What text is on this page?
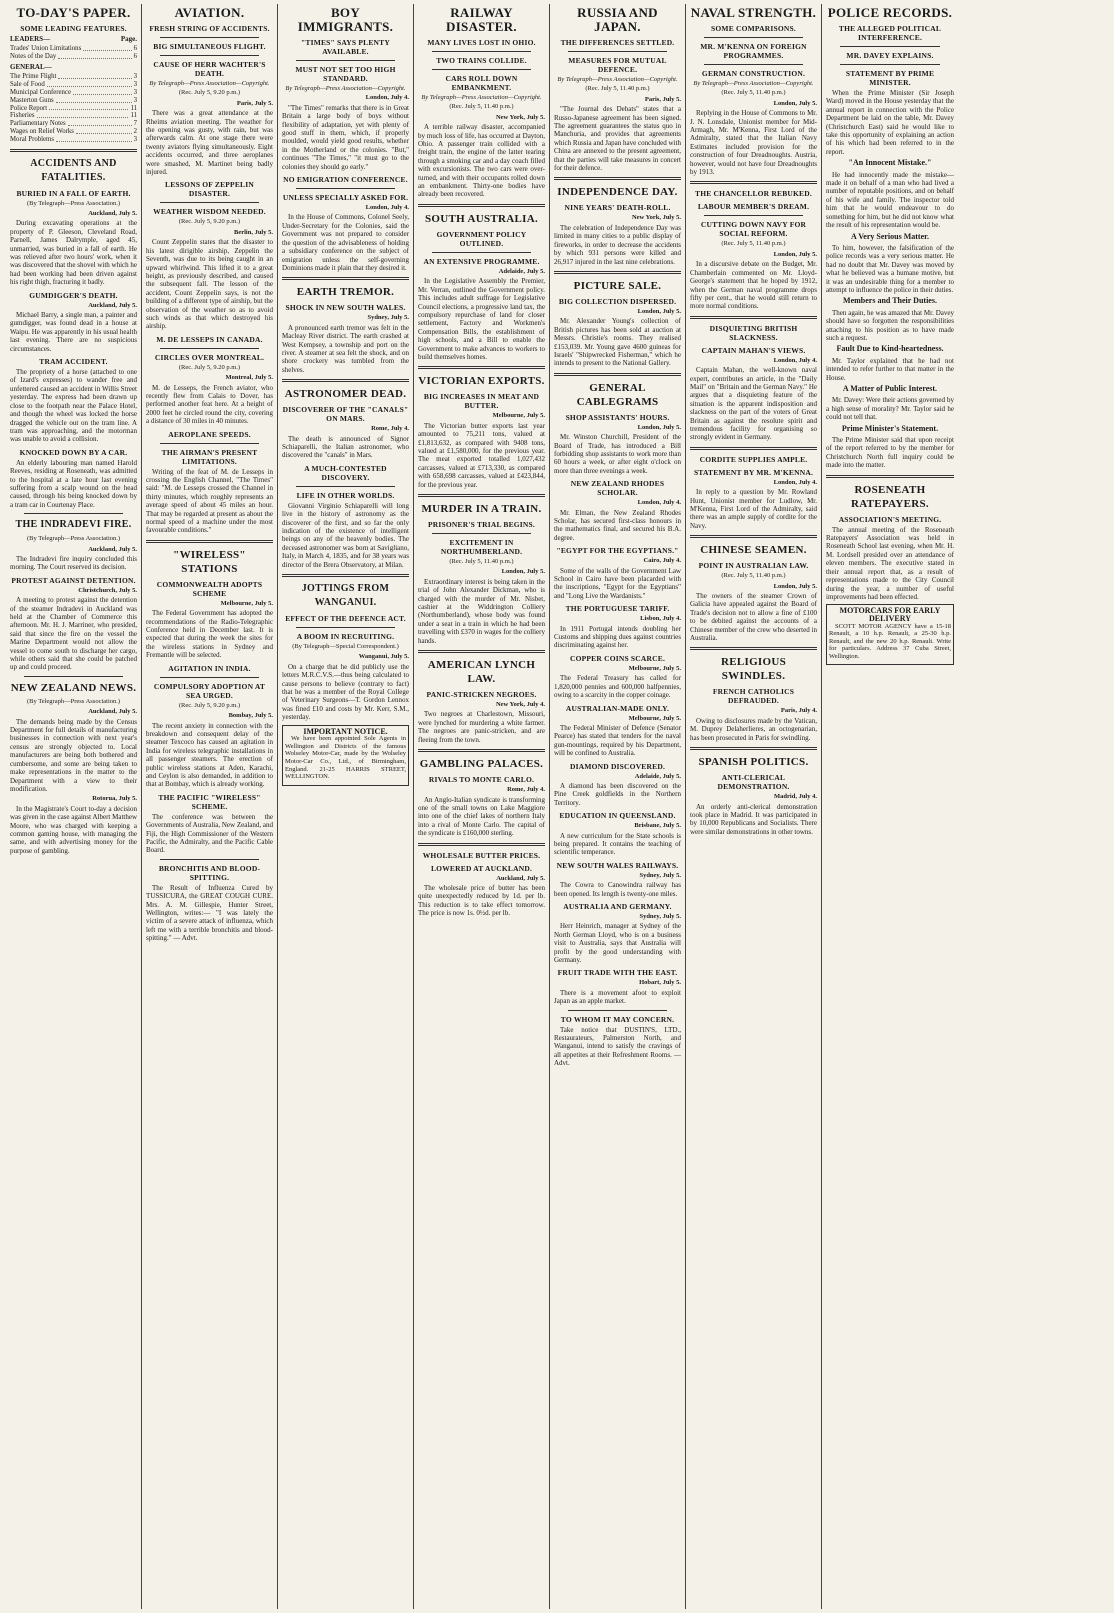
TO-DAY'S PAPER.
SOME LEADING FEATURES.
LEADERS—	Page.
Trades' Union Limitations	6
Notes of the Day	6
GENERAL—
The Prime Flight	3
Sale of Food	3
Municipal Conference	3
Masterton Guns	3
Police Report	11
Fisheries	11
Parliamentary Notes	7
Wages on Relief Works	2
Moral Problems	3
ACCIDENTS AND FATALITIES.
BURIED IN A FALL OF EARTH.
(By Telegraph—Press Association.)
Auckland, July 5.

During excavating operations at the property of P. Gleeson, Cleveland Road, Parnell, James Dalrymple, aged 45, unmarried, was buried in a fall of earth. He was relieved after two hours' work, when it was discovered that the shovel with which he had been working had been driven against his right thigh, fracturing it badly.

GUMDIGGER'S DEATH.
Auckland, July 5.

Michael Barry, a single man, a painter and gumdigger, was found dead in a house at Waipu. He was apparently in his usual health last evening. There are no suspicious circumstances.

TRAM ACCIDENT.

The propriety of a horse (attached to one of Izard's expresses) to wander free and unfettered caused an accident in Willis Street yesterday. The express had been drawn up close to the footpath near the Palace Hotel, and though the wheel was locked the horse dragged the vehicle out on the tram line. A tram was approaching, and the motorman was unable to avoid a collision.

KNOCKED DOWN BY A CAR.

An elderly labouring man named Harold Reeves, residing at Roseneath, was admitted to the hospital at a late hour last evening suffering from a scalp wound on the head caused, through his being knocked down by a tram car in Courtenay Place.

THE INDRADEVI FIRE.
(By Telegraph—Press Association.)
Auckland, July 5.

The Indradevi fire inquiry concluded this morning. The Court reserved its decision.

PROTEST AGAINST DETENTION.
Christchurch, July 5.

A meeting to protest against the detention of the steamer Indradevi in Auckland was held at the Chamber of Commerce this afternoon. Mr. H. J. Marriner, who presided, said that since the fire on the vessel the Marine Department would not allow the vessel to come south to discharge her cargo, while others said that she could be patched up and could proceed.

NEW ZEALAND NEWS.
(By Telegraph—Press Association.)
Auckland, July 5.

The demands being made by the Census Department for full details of manufacturing businesses in connection with next year's census are strongly objected to. Local manufacturers are being both bothered and cumbersome, and some are being taken to make representations in the matter to the Department with a view to their modification.

Rotorua, July 5.

In the Magistrate's Court to-day a decision was given in the case against Albert Matthew Moore, who was charged with keeping a common gaming house, with managing the same, and with advertising money for the purpose of gambling.

AVIATION.
FRESH STRING OF ACCIDENTS.
BIG SIMULTANEOUS FLIGHT.
CAUSE OF HERR WACHTER'S DEATH.
By Telegraph—Press Association—Copyright.
(Rec. July 5, 9.20 p.m.)
Paris, July 5.

There was a great attendance at the Rheims aviation meeting. The weather for the opening was gusty, with rain, but was afterwards calm. At one stage there were twenty aviators flying simultaneously. Eight accidents occurred, and three aeroplanes were smashed, M. Martinet being badly injured.

LESSONS OF ZEPPELIN DISASTER.
WEATHER WISDOM NEEDED.
(Rec. July 5, 9.20 p.m.)
Berlin, July 5.

Count Zeppelin states that the disaster to his latest dirigible airship, Zeppelin the Seventh, was due to its being caught in an upward whirlwind. This lifted it to a great height, as previously described, and caused the subsequent fall. The lesson of the accident, Count Zeppelin says, is not the building of a different type of airship, but the observation of the weather so as to avoid such winds as that which destroyed his airship.

M. DE LESSEPS IN CANADA.
CIRCLES OVER MONTREAL.
(Rec. July 5, 9.20 p.m.)
Montreal, July 5.

M. de Lesseps, the French aviator, who recently flew from Calais to Dover, has performed another feat here. At a height of 2000 feet he circled round the city, covering a distance of 30 miles in 40 minutes.

AEROPLANE SPEEDS.
THE AIRMAN'S PRESENT LIMITATIONS.

Writing of the feat of M. de Lesseps in crossing the English Channel, "The Times" said: "M. de Lesseps crossed the Channel in thirty minutes, which roughly represents an average speed of about 45 miles an hour. That may be regarded at present as about the normal speed of a machine under the most favourable conditions."

"WIRELESS" STATIONS
COMMONWEALTH ADOPTS SCHEME
Melbourne, July 5.

The Federal Government has adopted the recommendations of the Radio-Telegraphic Conference held in December last. It is expected that during the week the sites for the wireless stations in Sydney and Fremantle will be selected.

AGITATION IN INDIA.
COMPULSORY ADOPTION AT SEA URGED.
(Rec. July 5, 9.20 p.m.)
Bombay, July 5.

The recent anxiety in connection with the breakdown and consequent delay of the steamer Texcoco has caused an agitation in India for wireless telegraphic installations in all passenger steamers. The erection of public wireless stations at Aden, Karachi, and Ceylon is also demanded, in addition to that at Bombay, which is already working.

THE PACIFIC "WIRELESS" SCHEME.

The conference was between the Governments of Australia, New Zealand, and Fiji, the High Commissioner of the Western Pacific, the Admiralty, and the Pacific Cable Board.

BRONCHITIS AND BLOOD-SPITTING.

The Result of Influenza Cured by TUSSICURA, the GREAT COUGH CURE. Mrs. A. M. Gillespie, Hunter Street, Wellington, writes:— "I was lately the victim of a severe attack of influenza, which left me with a terrible bronchitis and blood-spitting." — Advt.

BOY IMMIGRANTS.
"TIMES" SAYS PLENTY AVAILABLE.
MUST NOT SET TOO HIGH STANDARD.
By Telegraph—Press Association—Copyright.
London, July 4.

"The Times" remarks that there is in Great Britain a large body of boys without flexibility of adaptation, yet with plenty of good stuff in them, which, if properly moulded, would yield good results, whether in the Motherland or the colonies. "But," continues "The Times," "it must go to the colonies they should go early."

NO EMIGRATION CONFERENCE.
UNLESS SPECIALLY ASKED FOR.
London, July 4.

In the House of Commons, Colonel Seely, Under-Secretary for the Colonies, said the Government was not prepared to consider the question of the advisableness of holding a subsidiary conference on the subject of emigration unless the self-governing Dominions made it plain that they desired it.

EARTH TREMOR.
SHOCK IN NEW SOUTH WALES.
Sydney, July 5.

A pronounced earth tremor was felt in the Macleay River district. The earth crashed at West Kempsey, a township and port on the river. A steamer at sea felt the shock, and on shore crockery was tumbled from the shelves.

ASTRONOMER DEAD.
DISCOVERER OF THE "CANALS" ON MARS.
Rome, July 4.

The death is announced of Signor Schiaparelli, the Italian astronomer, who discovered the "canals" in Mars.

A MUCH-CONTESTED DISCOVERY.
LIFE IN OTHER WORLDS.

Giovanni Virginio Schiaparelli will long live in the history of astronomy as the discoverer of the first, and so far the only indication of the existence of intelligent beings on any of the heavenly bodies. The deceased astronomer was born at Savigliano, Italy, in March 4, 1835, and for 38 years was director of the Brera Observatory, at Milan.

JOTTINGS FROM WANGANUI.
EFFECT OF THE DEFENCE ACT.
A BOOM IN RECRUITING.
(By Telegraph—Special Correspondent.)
Wanganui, July 5.

On a charge that he did publicly use the letters M.R.C.V.S.—thus being calculated to cause persons to believe (contrary to fact) that he was a member of the Royal College of Veterinary Surgeons—T. Gordon Lennox was fined £10 and costs by Mr. Kerr, S.M., yesterday.

IMPORTANT NOTICE.

We have been appointed Sole Agents in Wellington and Districts of the famous Wolseley Motor-Car, made by the Wolseley Motor-Car Co., Ltd., of Birmingham, England. 21-25 HARRIS STREET, WELLINGTON.

RAILWAY DISASTER.
MANY LIVES LOST IN OHIO.
TWO TRAINS COLLIDE.
CARS ROLL DOWN EMBANKMENT.
By Telegraph—Press Association—Copyright.
(Rec. July 5, 11.40 p.m.)
New York, July 5.

A terrible railway disaster, accompanied by much loss of life, has occurred at Dayton, Ohio. A passenger train collided with a freight train, the engine of the latter tearing through a smoking car and a day coach filled with excursionists. The two cars were over-turned, and with their occupants rolled down an embankment. Thirty-one bodies have already been recovered.

SOUTH AUSTRALIA.
GOVERNMENT POLICY OUTLINED.
AN EXTENSIVE PROGRAMME.
Adelaide, July 5.

In the Legislative Assembly the Premier, Mr. Verran, outlined the Government policy. This includes adult suffrage for Legislative Council elections, a progressive land tax, the compulsory repurchase of land for closer settlement, Factory and Workmen's Compensation Bills, the establishment of high schools, and a Bill to enable the Government to make advances to workers to build themselves homes.

VICTORIAN EXPORTS.
BIG INCREASES IN MEAT AND BUTTER.
Melbourne, July 5.

The Victorian butter exports last year amounted to 75,211 tons, valued at £1,813,632, as compared with 9408 tons, valued at £1,580,000, for the previous year. The meat exported totalled 1,027,432 carcasses, valued at £713,330, as compared with 658,698 carcasses, valued at £423,844, for the previous year.

MURDER IN A TRAIN.
PRISONER'S TRIAL BEGINS.
EXCITEMENT IN NORTHUMBERLAND.
(Rec. July 5, 11.40 p.m.)
London, July 5.

Extraordinary interest is being taken in the trial of John Alexander Dickman, who is charged with the murder of Mr. Nisbet, cashier at the Widdrington Colliery (Northumberland), whose body was found under a seat in a train in which he had been travelling with £370 in wages for the colliery hands.

AMERICAN LYNCH LAW.
PANIC-STRICKEN NEGROES.
New York, July 4.

Two negroes at Charlestown, Missouri, were lynched for murdering a white farmer. The negroes are panic-stricken, and are fleeing from the town.

GAMBLING PALACES.
RIVALS TO MONTE CARLO.
Rome, July 4.

An Anglo-Italian syndicate is transforming one of the small towns on Lake Maggiore into one of the chief lakes of northern Italy into a rival of Monte Carlo. The capital of the syndicate is £160,000 sterling.

WHOLESALE BUTTER PRICES.
LOWERED AT AUCKLAND.
Auckland, July 5.

The wholesale price of butter has been quite unexpectedly reduced by 1d. per lb. This reduction is to take effect tomorrow. The price is now 1s. 0½d. per lb.

RUSSIA AND JAPAN.
THE DIFFERENCES SETTLED.
MEASURES FOR MUTUAL DEFENCE.
By Telegraph—Press Association—Copyright.
(Rec. July 5, 11.40 p.m.)
Paris, July 5.

"The Journal des Debats" states that a Russo-Japanese agreement has been signed. The agreement guarantees the status quo in Manchuria, and provides that agreements which Russia and Japan have concluded with China are annexed to the present agreement, that the parties will take measures in concert for their defence.

INDEPENDENCE DAY.
NINE YEARS' DEATH-ROLL.
New York, July 5.

The celebration of Independence Day was limited in many cities to a public display of fireworks, in order to decrease the accidents by which 931 persons were killed and 26,917 injured in the last nine celebrations.

PICTURE SALE.
BIG COLLECTION DISPERSED.
London, July 5.

Mr. Alexander Young's collection of British pictures has been sold at auction at Messrs. Christie's rooms. They realised £153,039. Mr. Young gave 4600 guineas for Israels' "Shipwrecked Fisherman," which he intends to present to the National Gallery.

GENERAL CABLEGRAMS
SHOP ASSISTANTS' HOURS.
London, July 5.

Mr. Winston Churchill, President of the Board of Trade, has introduced a Bill forbidding shop assistants to work more than 60 hours a week, or after eight o'clock on more than three evenings a week.

NEW ZEALAND RHODES SCHOLAR.
London, July 4.

Mr. Elman, the New Zealand Rhodes Scholar, has secured first-class honours in the mathematics final, and secured his B.A. degree.

"EGYPT FOR THE EGYPTIANS."
Cairo, July 4.

Some of the walls of the Government Law School in Cairo have been placarded with the inscriptions, "Egypt for the Egyptians" and "Long Live the Wardanists."

THE PORTUGUESE TARIFF.
Lisbon, July 4.

In 1911 Portugal intends doubling her Customs and shipping dues against countries discriminating against her.

COPPER COINS SCARCE.
Melbourne, July 5.

The Federal Treasury has called for 1,820,000 pennies and 600,000 halfpennies, owing to a scarcity in the copper coinage.

AUSTRALIAN-MADE ONLY.
Melbourne, July 5.

The Federal Minister of Defence (Senator Pearce) has stated that tenders for the naval gun-mountings, required by his Department, will be confined to Australia.

DIAMOND DISCOVERED.
Adelaide, July 5.

A diamond has been discovered on the Pine Creek goldfields in the Northern Territory.

EDUCATION IN QUEENSLAND.
Brisbane, July 5.

A new curriculum for the State schools is being prepared. It contains the teaching of scientific temperance.

NEW SOUTH WALES RAILWAYS.
Sydney, July 5.

The Cowra to Canowindra railway has been opened. Its length is twenty-one miles.

AUSTRALIA AND GERMANY.
Sydney, July 5.

Herr Heinrich, manager at Sydney of the North German Lloyd, who is on a business visit to Australia, says that Australia will profit by the good understanding with Germany.

FRUIT TRADE WITH THE EAST.
Hobart, July 5.

There is a movement afoot to exploit Japan as an apple market.

TO WHOM IT MAY CONCERN.

Take notice that DUSTIN'S, LTD., Restaurateurs, Palmerston North, and Wanganui, intend to satisfy the cravings of all appetites at their Refreshment Rooms. — Advt.

NAVAL STRENGTH.
SOME COMPARISONS.
MR. M'KENNA ON FOREIGN PROGRAMMES.
GERMAN CONSTRUCTION.
By Telegraph—Press Association—Copyright.
(Rec. July 5, 11.40 p.m.)
London, July 5.

Replying in the House of Commons to Mr. J. N. Lonsdale, Unionist member for Mid-Armagh, Mr. M'Kenna, First Lord of the Admiralty, stated that the Italian Navy Estimates included provision for the construction of four Dreadnoughts. Austria, however, would not have four Dreadnoughts by 1913.

THE CHANCELLOR REBUKED.
LABOUR MEMBER'S DREAM.
CUTTING DOWN NAVY FOR SOCIAL REFORM.
(Rec. July 5, 11.40 p.m.)
London, July 5.

In a discursive debate on the Budget, Mr. Chamberlain commented on Mr. Lloyd-George's statement that he hoped by 1912, when the German naval programme drops fifty per cent., that he would still return to more normal conditions.

DISQUIETING BRITISH SLACKNESS.
CAPTAIN MAHAN'S VIEWS.
London, July 4.

Captain Mahan, the well-known naval expert, contributes an article, in the "Daily Mail" on "Britain and the German Navy." He argues that a disquieting feature of the situation is the apparent indisposition and slackness on the part of the voters of Great Britain as against the resolute spirit and tremendous facility for organising so strongly evident in Germany.

CORDITE SUPPLIES AMPLE.
STATEMENT BY MR. M'KENNA.
London, July 4.

In reply to a question by Mr. Rowland Hunt, Unionist member for Ludlow, Mr. M'Kenna, First Lord of the Admiralty, said there was an ample supply of cordite for the Navy.

CHINESE SEAMEN.
POINT IN AUSTRALIAN LAW.
(Rec. July 5, 11.40 p.m.)
London, July 5.

The owners of the steamer Crown of Galicia have appealed against the Board of Trade's decision not to allow a fine of £100 to be debited against the accounts of a Chinese member of the crew who deserted in Australia.

RELIGIOUS SWINDLES.
FRENCH CATHOLICS DEFRAUDED.
Paris, July 4.

Owing to disclosures made by the Vatican, M. Duprey Delaherlieres, an octogenarian, has been prosecuted in Paris for swindling.

SPANISH POLITICS.
ANTI-CLERICAL DEMONSTRATION.
Madrid, July 4.

An orderly anti-clerical demonstration took place in Madrid. It was participated in by 10,000 Republicans and Socialists. There were similar demonstrations in other towns.

POLICE RECORDS.
THE ALLEGED POLITICAL INTERFERENCE.
MR. DAVEY EXPLAINS.
STATEMENT BY PRIME MINISTER.

When the Prime Minister (Sir Joseph Ward) moved in the House yesterday that the annual report in connection with the Police Department be laid on the table, Mr. Davey (Christchurch East) said he would like to take this opportunity of explaining an action of his which had been referred to in the report.

"An Innocent Mistake."

He had innocently made the mistake—made it on behalf of a man who had lived a number of reputable positions, and on behalf of his wife and family. The inspector told him that he would endeavour to do something for him, but he did not know what the result of his representation would be.

A Very Serious Matter.

To him, however, the falsification of the police records was a very serious matter. He had no doubt that Mr. Davey was moved by what he believed was a humane motive, but it was an undesirable thing for a member to attempt to influence the police in their duties.

Members and Their Duties.

Then again, he was amazed that Mr. Davey should have so forgotten the responsibilities attaching to his position as to have made such a request.

Fault Due to Kind-heartedness.

Mr. Taylor explained that he had not intended to refer further to that matter in the House.

A Matter of Public Interest.

Mr. Davey: Were their actions governed by a high sense of morality? Mr. Taylor said he could not tell that.

Prime Minister's Statement.

The Prime Minister said that upon receipt of the report referred to by the member for Christchurch North full inquiry could be made into the matter.

ROSENEATH RATEPAYERS.
ASSOCIATION'S MEETING.

The annual meeting of the Roseneath Ratepayers' Association was held in Roseneath School last evening, when Mr. H. M. Lordsell presided over an attendance of eleven members. The executive stated in their annual report that, as a result of representations made to the City Council during the year, a number of useful improvements had been effected.

MOTORCARS FOR EARLY DELIVERY

SCOTT MOTOR AGENCY have a 15-18 Renault, a 10 h.p. Renault, a 25-30 h.p. Renault, and the new 20 h.p. Renault. Write for particulars. Address 37 Cuba Street, Wellington.
